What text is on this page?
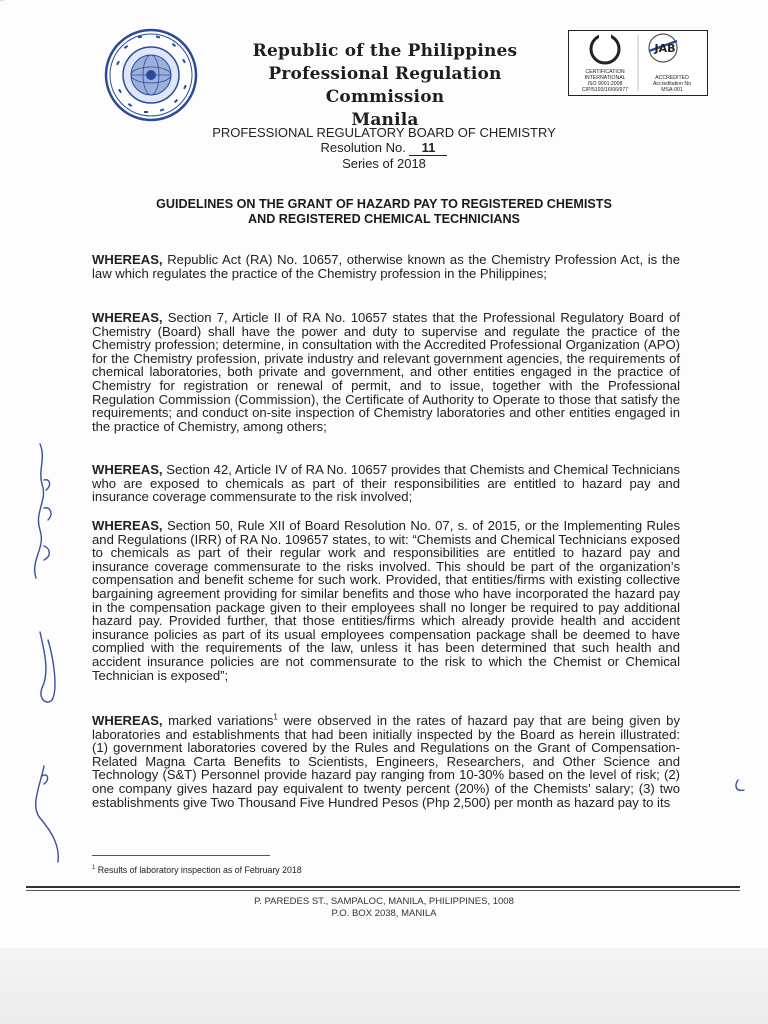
Republic of the Philippines
Professional Regulation Commission
Manila
JAB
CERTIFICATION
INTERNATIONAL
ISO 9001:2008
CIP/5193/16/06/977
ACCREDITED
Accreditation No
MSA-001
PROFESSIONAL REGULATORY BOARD OF CHEMISTRY
Resolution No. 11
Series of 2018
GUIDELINES ON THE GRANT OF HAZARD PAY TO REGISTERED CHEMISTS
AND REGISTERED CHEMICAL TECHNICIANS
WHEREAS, Republic Act (RA) No. 10657, otherwise known as the Chemistry Profession Act, is the law which regulates the practice of the Chemistry profession in the Philippines;
WHEREAS, Section 7, Article II of RA No. 10657 states that the Professional Regulatory Board of Chemistry (Board) shall have the power and duty to supervise and regulate the practice of the Chemistry profession; determine, in consultation with the Accredited Professional Organization (APO) for the Chemistry profession, private industry and relevant government agencies, the requirements of chemical laboratories, both private and government, and other entities engaged in the practice of Chemistry for registration or renewal of permit, and to issue, together with the Professional Regulation Commission (Commission), the Certificate of Authority to Operate to those that satisfy the requirements; and conduct on-site inspection of Chemistry laboratories and other entities engaged in the practice of Chemistry, among others;
WHEREAS, Section 42, Article IV of RA No. 10657 provides that Chemists and Chemical Technicians who are exposed to chemicals as part of their responsibilities are entitled to hazard pay and insurance coverage commensurate to the risk involved;
WHEREAS, Section 50, Rule XII of Board Resolution No. 07, s. of 2015, or the Implementing Rules and Regulations (IRR) of RA No. 109657 states, to wit: “Chemists and Chemical Technicians exposed to chemicals as part of their regular work and responsibilities are entitled to hazard pay and insurance coverage commensurate to the risks involved. This should be part of the organization’s compensation and benefit scheme for such work. Provided, that entities/firms with existing collective bargaining agreement providing for similar benefits and those who have incorporated the hazard pay in the compensation package given to their employees shall no longer be required to pay additional hazard pay. Provided further, that those entities/firms which already provide health and accident insurance policies as part of its usual employees compensation package shall be deemed to have complied with the requirements of the law, unless it has been determined that such health and accident insurance policies are not commensurate to the risk to which the Chemist or Chemical Technician is exposed”;
WHEREAS, marked variations$^1$ were observed in the rates of hazard pay that are being given by laboratories and establishments that had been initially inspected by the Board as herein illustrated: (1) government laboratories covered by the Rules and Regulations on the Grant of Compensation-Related Magna Carta Benefits to Scientists, Engineers, Researchers, and Other Science and Technology (S&T) Personnel provide hazard pay ranging from 10-30% based on the level of risk; (2) one company gives hazard pay equivalent to twenty percent (20%) of the Chemists’ salary; (3) two establishments give Two Thousand Five Hundred Pesos (Php 2,500) per month as hazard pay to its
$^1$ Results of laboratory inspection as of February 2018
P. PAREDES ST., SAMPALOC, MANILA, PHILIPPINES, 1008
P.O. BOX 2038, MANILA
